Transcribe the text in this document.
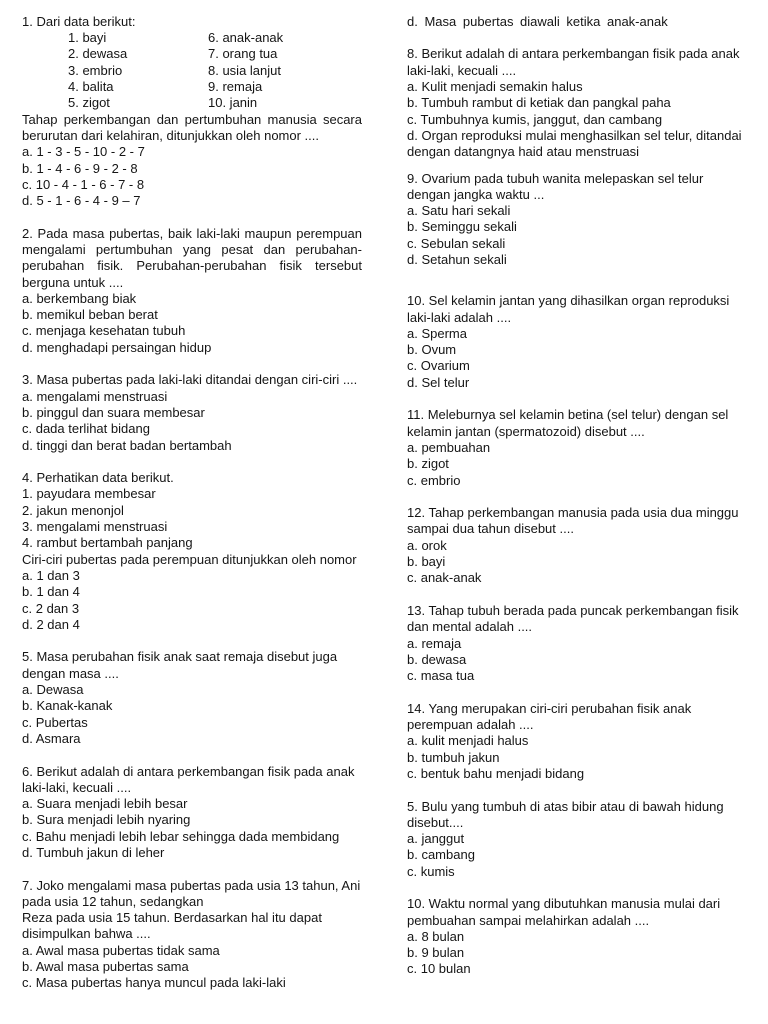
1. Dari data berikut:
1. bayi	6. anak-anak
2. dewasa	7. orang tua
3. embrio	8. usia lanjut
4. balita	9. remaja
5. zigot	10. janin
Tahap perkembangan dan pertumbuhan manusia secara
berurutan dari kelahiran, ditunjukkan oleh nomor ....
a. 1 - 3 - 5 - 10 - 2 - 7
b. 1 - 4 - 6 - 9 - 2 - 8
c. 10 - 4 - 1 - 6 - 7 - 8
d. 5 - 1 - 6 - 4 - 9 – 7
2. Pada masa pubertas, baik laki-laki maupun perempuan
mengalami pertumbuhan yang pesat dan perubahan-
perubahan fisik. Perubahan-perubahan fisik tersebut
berguna untuk ....
a. berkembang biak
b. memikul beban berat
c. menjaga kesehatan tubuh
d. menghadapi persaingan hidup
3. Masa pubertas pada laki-laki ditandai dengan ciri-ciri ....
a. mengalami menstruasi
b. pinggul dan suara membesar
c. dada terlihat bidang
d. tinggi dan berat badan bertambah
4. Perhatikan data berikut.
1. payudara membesar
2. jakun menonjol
3. mengalami menstruasi
4. rambut bertambah panjang
Ciri-ciri pubertas pada perempuan ditunjukkan oleh nomor
a. 1 dan 3
b. 1 dan 4
c. 2 dan 3
d. 2 dan 4
5. Masa perubahan fisik anak saat remaja disebut juga
dengan masa ....
a. Dewasa
b. Kanak-kanak
c. Pubertas
d. Asmara
6. Berikut adalah di antara perkembangan fisik pada anak
laki-laki, kecuali ....
a. Suara menjadi lebih besar
b. Sura menjadi lebih nyaring
c. Bahu menjadi lebih lebar sehingga dada membidang
d. Tumbuh jakun di leher
7. Joko mengalami masa pubertas pada usia 13 tahun, Ani
pada usia 12 tahun, sedangkan
Reza pada usia 15 tahun. Berdasarkan hal itu dapat
disimpulkan bahwa ....
a. Awal masa pubertas tidak sama
b. Awal masa pubertas sama
c. Masa pubertas hanya muncul pada laki-laki
d. Masa pubertas diawali ketika anak-anak
8. Berikut adalah di antara perkembangan fisik pada anak
laki-laki, kecuali ....
a. Kulit menjadi semakin halus
b. Tumbuh rambut di ketiak dan pangkal paha
c. Tumbuhnya kumis, janggut, dan cambang
d. Organ reproduksi mulai menghasilkan sel telur, ditandai dengan datangnya haid atau menstruasi
9. Ovarium pada tubuh wanita melepaskan sel telur
dengan jangka waktu ...
a. Satu hari sekali
b. Seminggu sekali
c. Sebulan sekali
d. Setahun sekali
10. Sel kelamin jantan yang dihasilkan organ reproduksi
laki-laki adalah ....
a. Sperma
b. Ovum
c. Ovarium
d. Sel telur
11. Meleburnya sel kelamin betina (sel telur) dengan sel
kelamin jantan (spermatozoid) disebut ....
a. pembuahan
b. zigot
c. embrio
12. Tahap perkembangan manusia pada usia dua minggu
sampai dua tahun disebut ....
a. orok
b. bayi
c. anak-anak
13. Tahap tubuh berada pada puncak perkembangan fisik
dan mental adalah ....
a. remaja
b. dewasa
c. masa tua
14. Yang merupakan ciri-ciri perubahan fisik anak
perempuan adalah ....
a. kulit menjadi halus
b. tumbuh jakun
c. bentuk bahu menjadi bidang
5. Bulu yang tumbuh di atas bibir atau di bawah hidung
disebut....
a. janggut
b. cambang
c. kumis
10. Waktu normal yang dibutuhkan manusia mulai dari
pembuahan sampai melahirkan adalah ....
a. 8 bulan
b. 9 bulan
c. 10 bulan
